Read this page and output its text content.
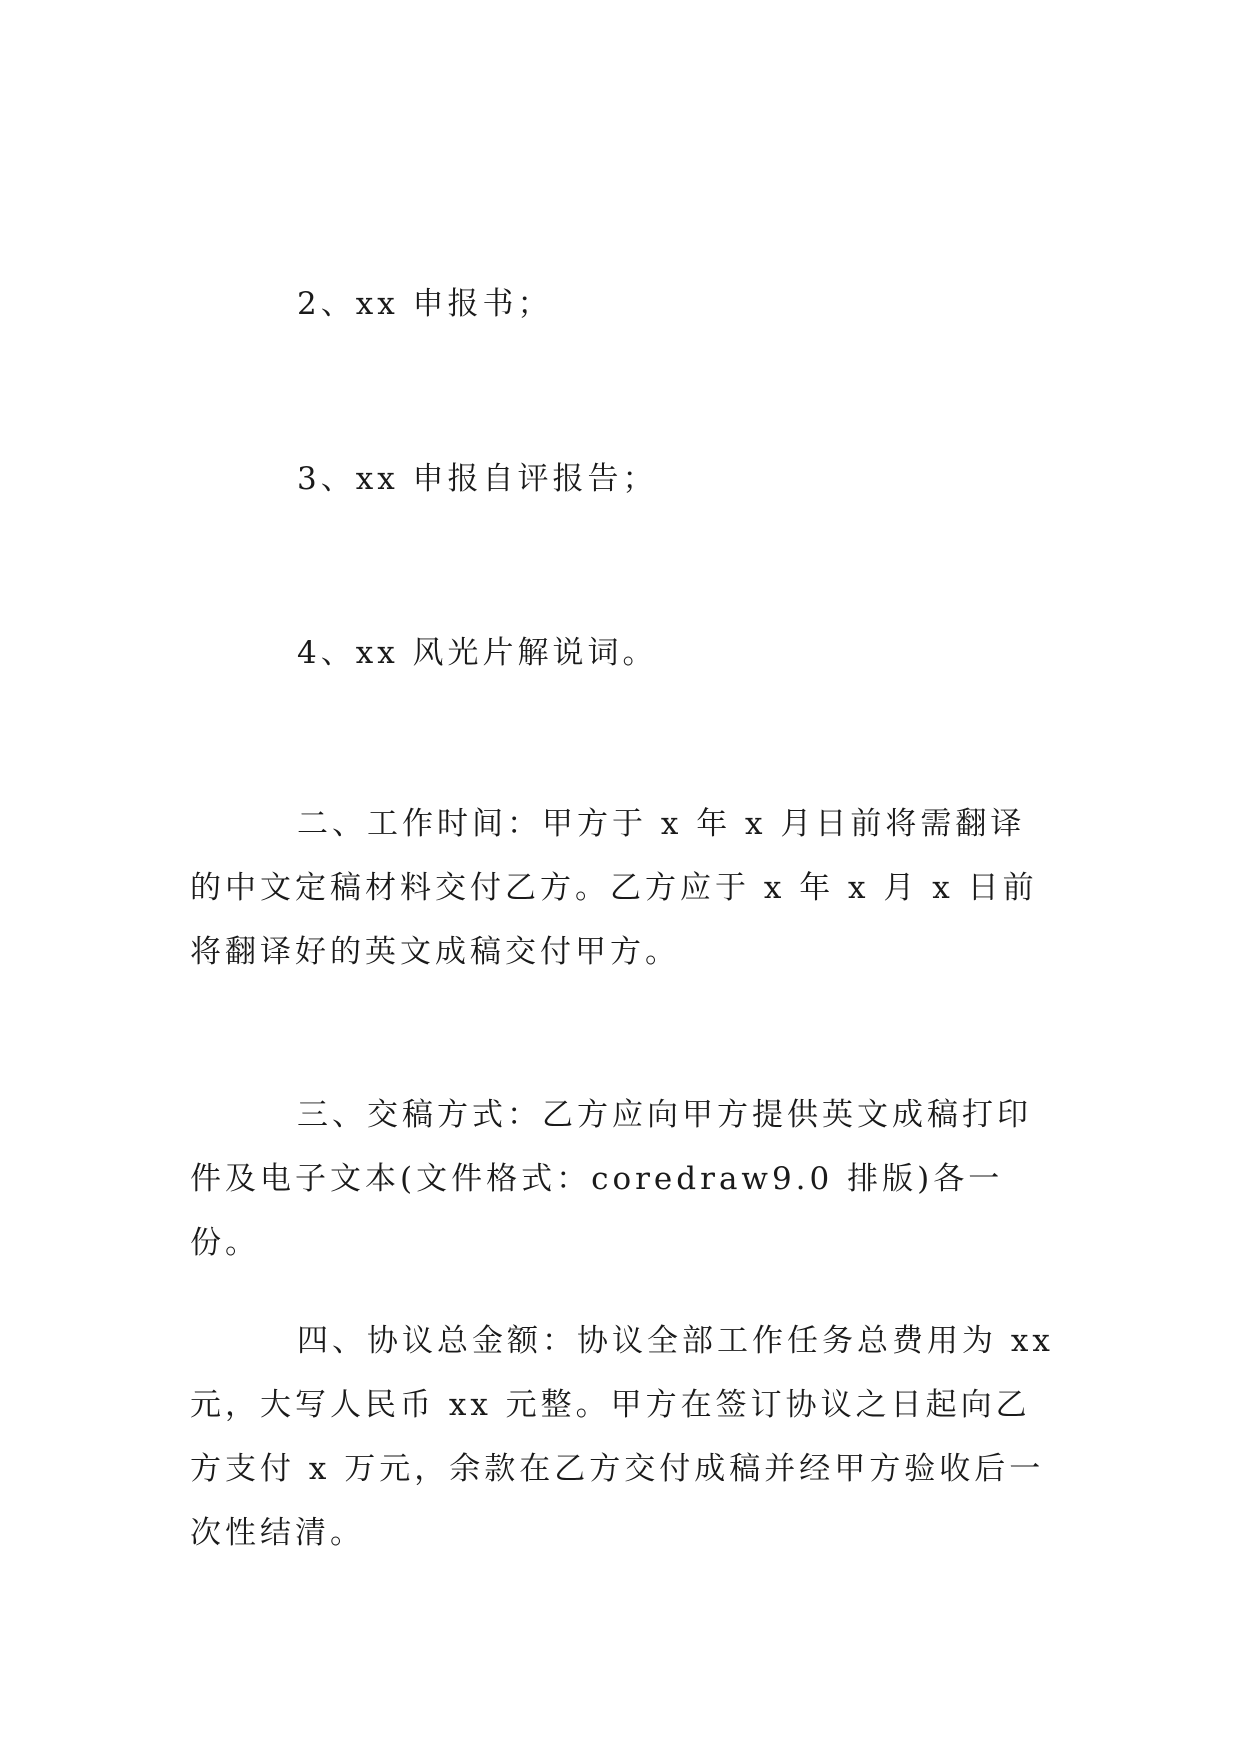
2、xx 申报书；
3、xx 申报自评报告；
4、xx 风光片解说词。
二、工作时间：甲方于 x 年 x 月日前将需翻译的中文定稿材料交付乙方。乙方应于 x 年 x 月 x 日前将翻译好的英文成稿交付甲方。
三、交稿方式：乙方应向甲方提供英文成稿打印件及电子文本(文件格式：coredraw9.0 排版)各一份。
四、协议总金额：协议全部工作任务总费用为 xx 元，大写人民币 xx 元整。甲方在签订协议之日起向乙方支付 x 万元，余款在乙方交付成稿并经甲方验收后一次性结清。
